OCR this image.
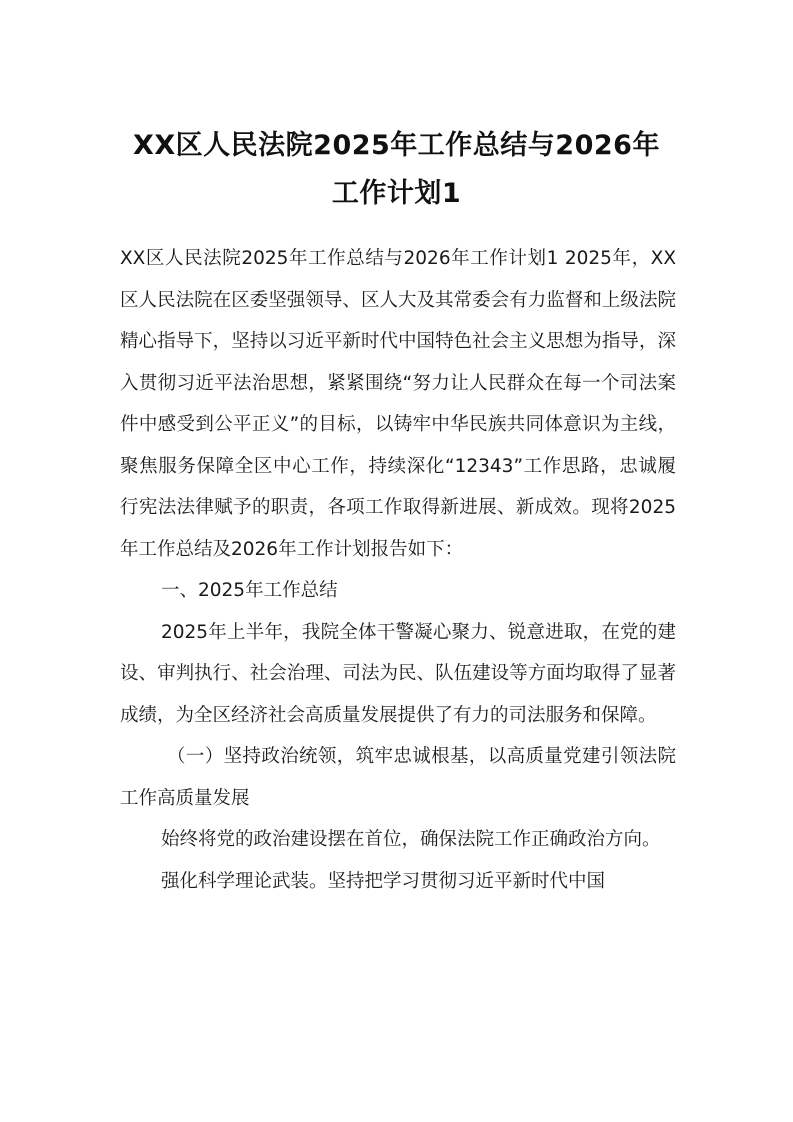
XX区人民法院2025年工作总结与2026年
工作计划1

XX区人民法院2025年工作总结与2026年工作计划1 2025年，XX区人民法院在区委坚强领导、区人大及其常委会有力监督和上级法院精心指导下，坚持以习近平新时代中国特色社会主义思想为指导，深入贯彻习近平法治思想，紧紧围绕“努力让人民群众在每一个司法案件中感受到公平正义”的目标，以铸牢中华民族共同体意识为主线，聚焦服务保障全区中心工作，持续深化“12343”工作思路，忠诚履行宪法法律赋予的职责，各项工作取得新进展、新成效。现将2025年工作总结及2026年工作计划报告如下：

一、2025年工作总结

2025年上半年，我院全体干警凝心聚力、锐意进取，在党的建设、审判执行、社会治理、司法为民、队伍建设等方面均取得了显著成绩，为全区经济社会高质量发展提供了有力的司法服务和保障。

（一）坚持政治统领，筑牢忠诚根基，以高质量党建引领法院工作高质量发展

始终将党的政治建设摆在首位，确保法院工作正确政治方向。

强化科学理论武装。坚持把学习贯彻习近平新时代中国
